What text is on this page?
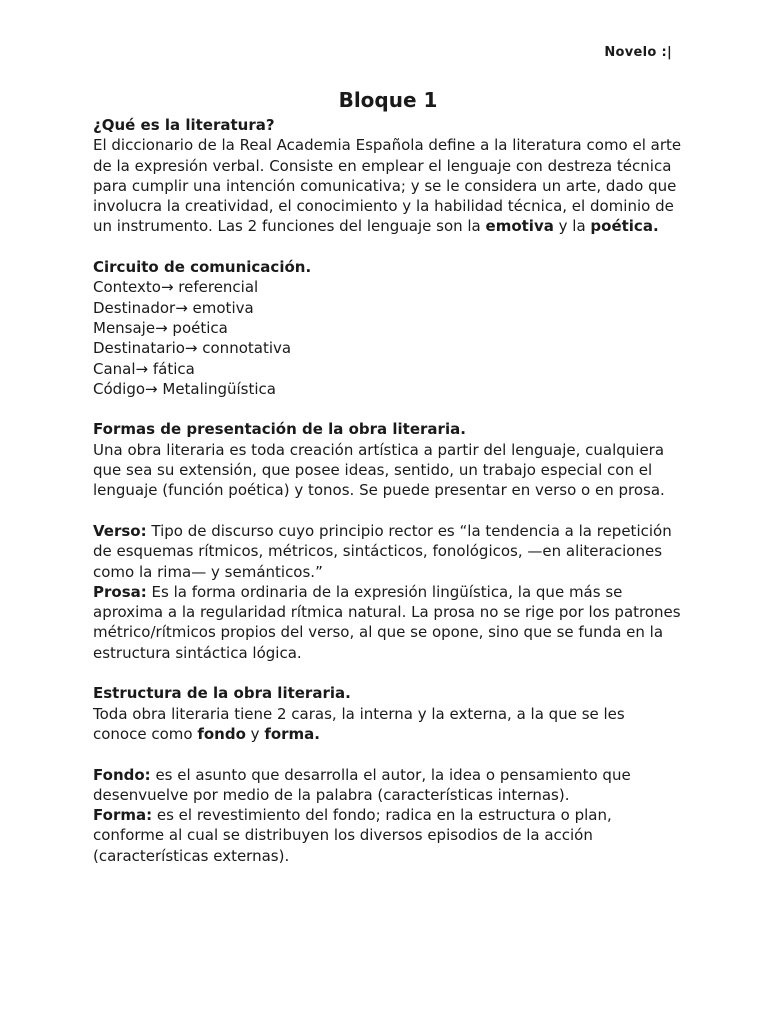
Novelo :|
Bloque 1

¿Qué es la literatura?

El diccionario de la Real Academia Española define a la literatura como el arte de la expresión verbal. Consiste en emplear el lenguaje con destreza técnica para cumplir una intención comunicativa; y se le considera un arte, dado que involucra la creatividad, el conocimiento y la habilidad técnica, el dominio de un instrumento. Las 2 funciones del lenguaje son la emotiva y la poética.

Circuito de comunicación.

Contexto→ referencial
Destinador→ emotiva
Mensaje→ poética
Destinatario→ connotativa
Canal→ fática
Código→ Metalingüística

Formas de presentación de la obra literaria.

Una obra literaria es toda creación artística a partir del lenguaje, cualquiera que sea su extensión, que posee ideas, sentido, un trabajo especial con el lenguaje (función poética) y tonos. Se puede presentar en verso o en prosa.

Verso: Tipo de discurso cuyo principio rector es “la tendencia a la repetición de esquemas rítmicos, métricos, sintácticos, fonológicos, —en aliteraciones como la rima— y semánticos.”

Prosa: Es la forma ordinaria de la expresión lingüística, la que más se aproxima a la regularidad rítmica natural. La prosa no se rige por los patrones métrico/rítmicos propios del verso, al que se opone, sino que se funda en la estructura sintáctica lógica.

Estructura de la obra literaria.

Toda obra literaria tiene 2 caras, la interna y la externa, a la que se les conoce como fondo y forma.

Fondo: es el asunto que desarrolla el autor, la idea o pensamiento que desenvuelve por medio de la palabra (características internas).

Forma: es el revestimiento del fondo; radica en la estructura o plan, conforme al cual se distribuyen los diversos episodios de la acción (características externas).
